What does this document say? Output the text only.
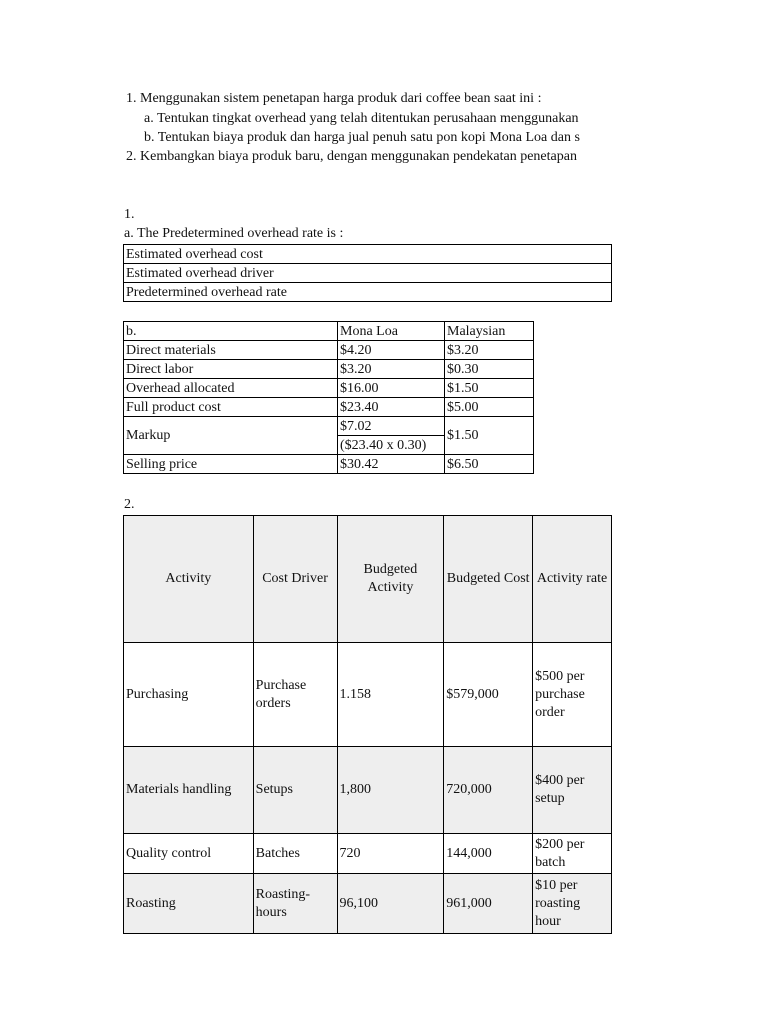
1. Menggunakan sistem penetapan harga produk dari coffee bean saat ini :
a. Tentukan tingkat overhead yang telah ditentukan perusahaan menggunakan
b. Tentukan biaya produk dan harga jual penuh satu pon kopi Mona Loa dan s
2. Kembangkan biaya produk baru, dengan menggunakan pendekatan penetapan
1.
a. The Predetermined overhead rate is :
Estimated overhead cost
Estimated overhead driver
Predetermined overhead rate
b.	Mona Loa	Malaysian
Direct materials	$4.20	$3.20
Direct labor	$3.20	$0.30
Overhead allocated	$16.00	$1.50
Full product cost	$23.40	$5.00
Markup	$7.02	$1.50
	($23.40 x 0.30)	
Selling price	$30.42	$6.50
2.
Activity	Cost Driver	Budgeted Activity	Budgeted Cost	Activity rate
Purchasing	Purchase orders	1.158	$579,000	$500 per purchase order
Materials handling	Setups	1,800	720,000	$400 per setup
Quality control	Batches	720	144,000	$200 per batch
Roasting	Roasting-hours	96,100	961,000	$10 per roasting hour
